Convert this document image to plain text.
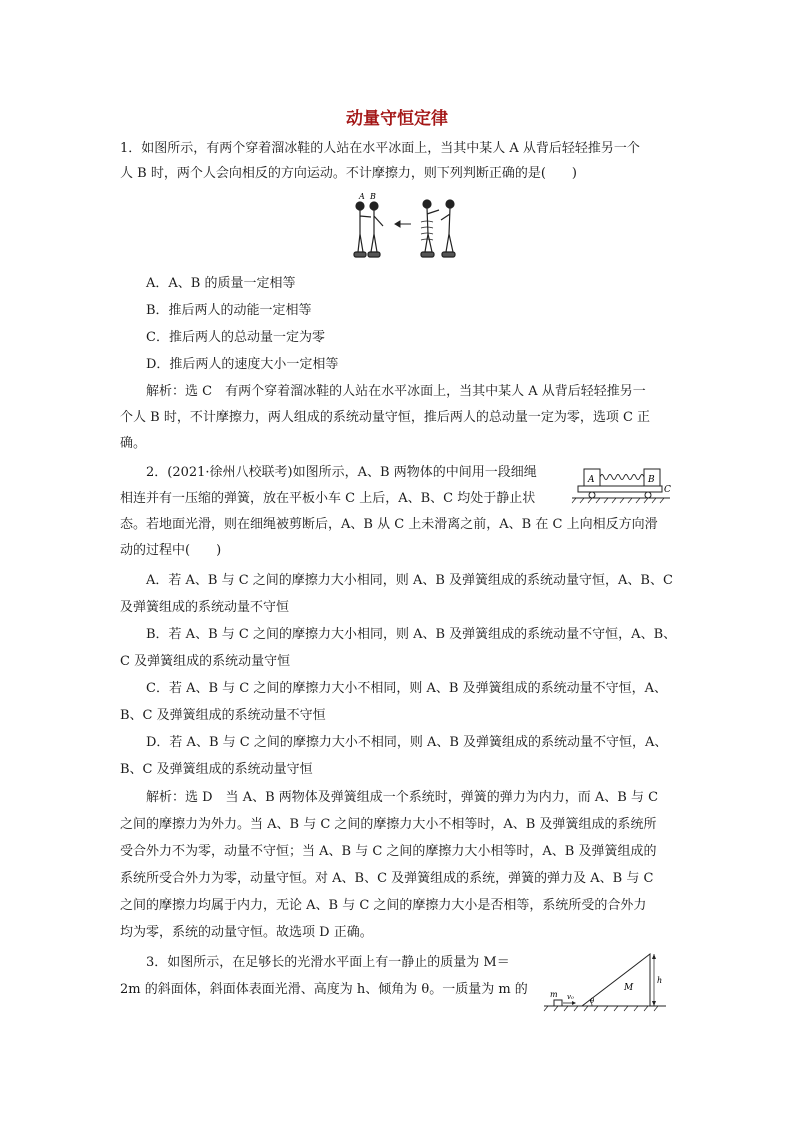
动量守恒定律
1．如图所示，有两个穿着溜冰鞋的人站在水平冰面上，当其中某人 A 从背后轻轻推另一个
人 B 时，两个人会向相反的方向运动。不计摩擦力，则下列判断正确的是(　　)
A B
A．A、B 的质量一定相等
B．推后两人的动能一定相等
C．推后两人的总动量一定为零
D．推后两人的速度大小一定相等
解析：选 C　有两个穿着溜冰鞋的人站在水平冰面上，当其中某人 A 从背后轻轻推另一
个人 B 时，不计摩擦力，两人组成的系统动量守恒，推后两人的总动量一定为零，选项 C 正
确。
2．(2021·徐州八校联考)如图所示，A、B 两物体的中间用一段细绳
相连并有一压缩的弹簧，放在平板小车 C 上后，A、B、C 均处于静止状
态。若地面光滑，则在细绳被剪断后，A、B 从 C 上未滑离之前，A、B 在 C 上向相反方向滑
动的过程中(　　)
A	B
C
A．若 A、B 与 C 之间的摩擦力大小相同，则 A、B 及弹簧组成的系统动量守恒，A、B、C
及弹簧组成的系统动量不守恒
B．若 A、B 与 C 之间的摩擦力大小相同，则 A、B 及弹簧组成的系统动量不守恒，A、B、
C 及弹簧组成的系统动量守恒
C．若 A、B 与 C 之间的摩擦力大小不相同，则 A、B 及弹簧组成的系统动量不守恒，A、
B、C 及弹簧组成的系统动量不守恒
D．若 A、B 与 C 之间的摩擦力大小不相同，则 A、B 及弹簧组成的系统动量不守恒，A、
B、C 及弹簧组成的系统动量守恒
解析：选 D　当 A、B 两物体及弹簧组成一个系统时，弹簧的弹力为内力，而 A、B 与 C
之间的摩擦力为外力。当 A、B 与 C 之间的摩擦力大小不相等时，A、B 及弹簧组成的系统所
受合外力不为零，动量不守恒；当 A、B 与 C 之间的摩擦力大小相等时，A、B 及弹簧组成的
系统所受合外力为零，动量守恒。对 A、B、C 及弹簧组成的系统，弹簧的弹力及 A、B 与 C
之间的摩擦力均属于内力，无论 A、B 与 C 之间的摩擦力大小是否相等，系统所受的合外力
均为零，系统的动量守恒。故选项 D 正确。
3．如图所示，在足够长的光滑水平面上有一静止的质量为 M＝
2m 的斜面体，斜面体表面光滑、高度为 h、倾角为 θ。一质量为 m 的	m v₀ θ
M
h
